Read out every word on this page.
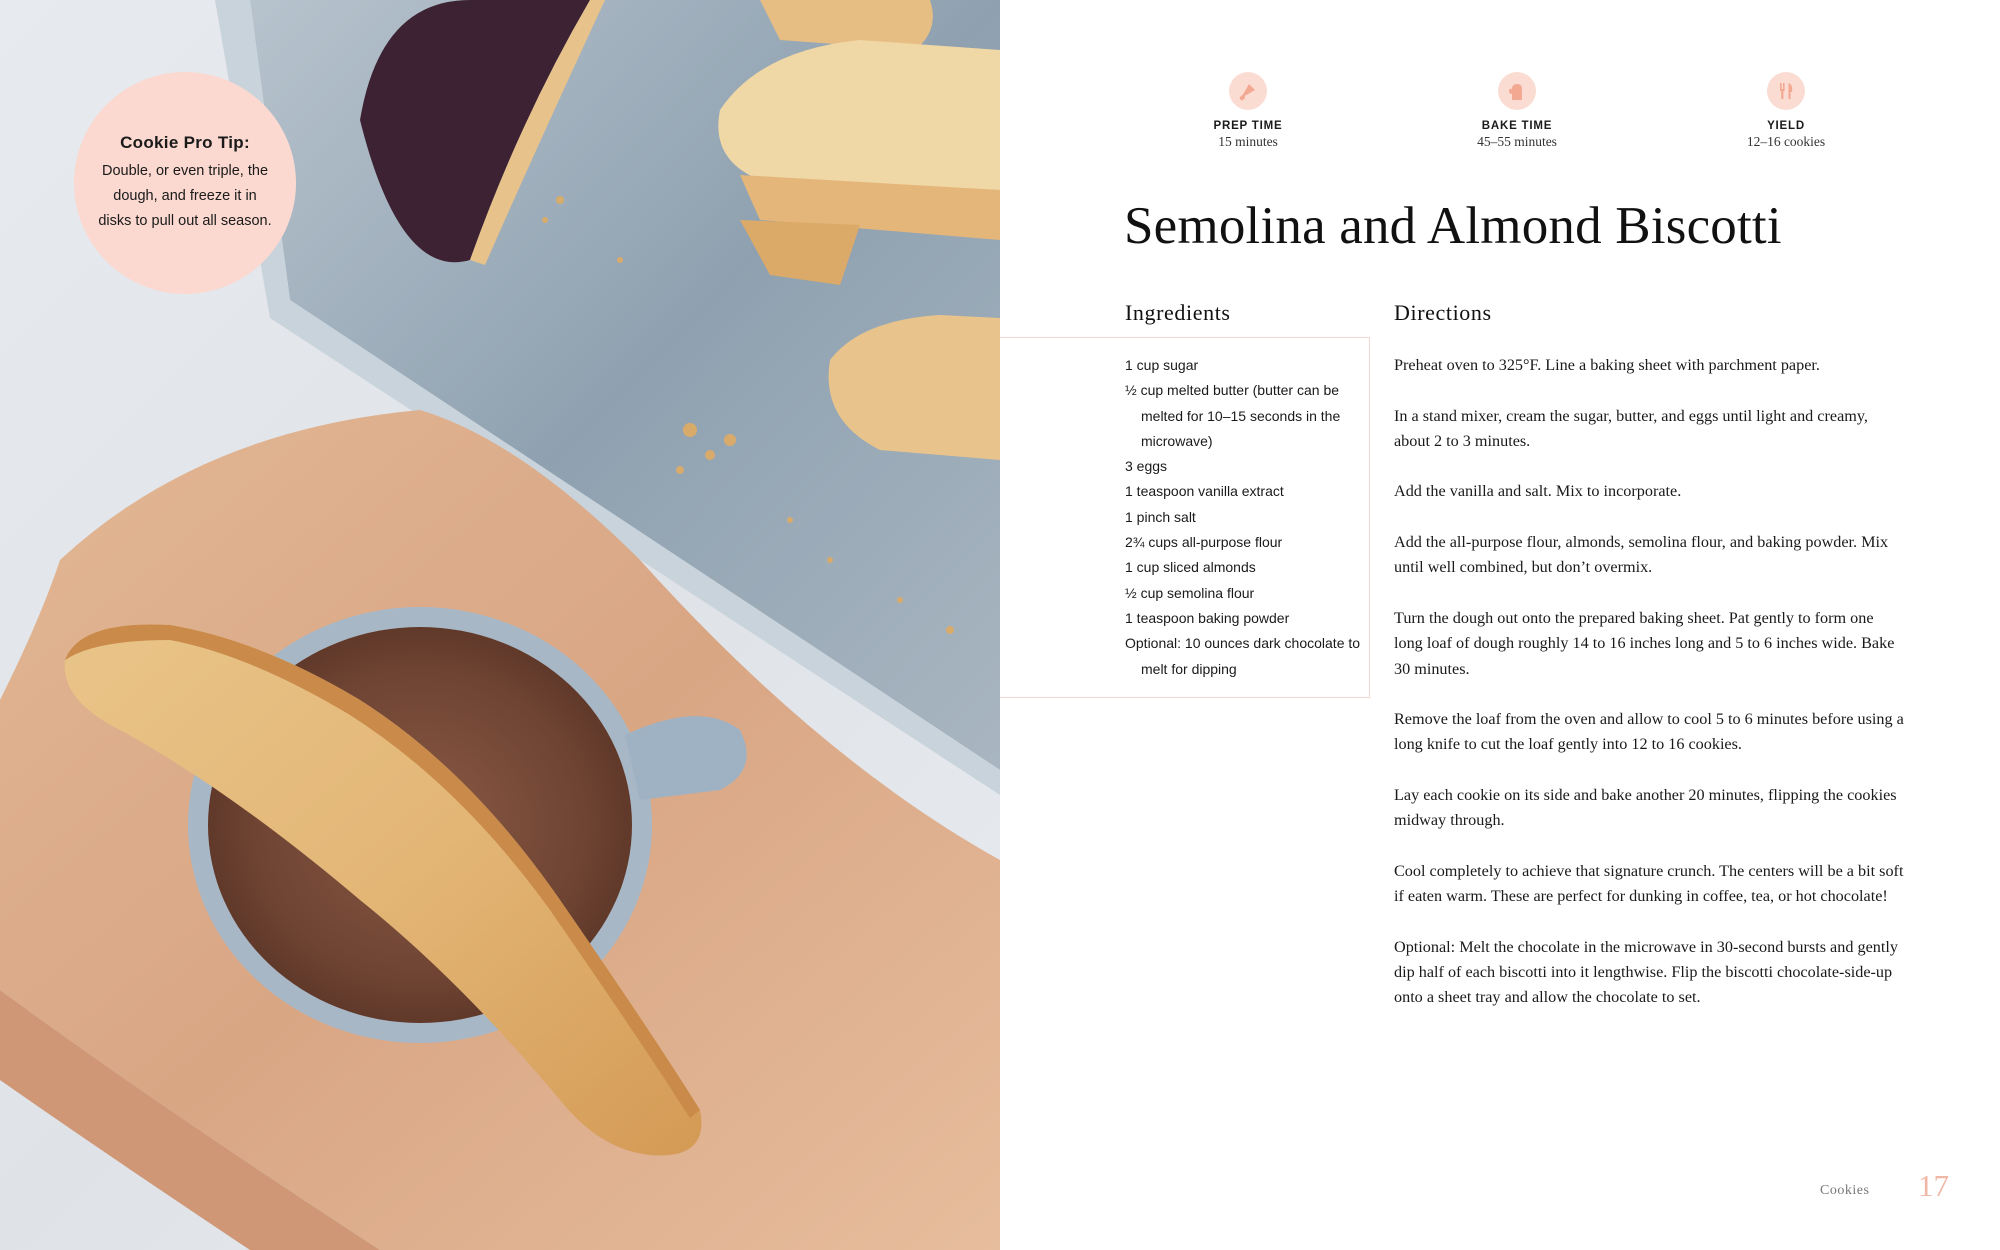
Cookie Pro Tip:
Double, or even triple, the dough, and freeze it in disks to pull out all season.
PREP TIME
15 minutes
BAKE TIME
45–55 minutes
YIELD
12–16 cookies
Semolina and Almond Biscotti
Ingredients	Directions
1 cup sugar
½ cup melted butter (butter can be melted for 10–15 seconds in the microwave)
3 eggs
1 teaspoon vanilla extract
1 pinch salt
2¾ cups all-purpose flour
1 cup sliced almonds
½ cup semolina flour
1 teaspoon baking powder
Optional: 10 ounces dark chocolate to melt for dipping

Preheat oven to 325°F. Line a baking sheet with parchment paper.

In a stand mixer, cream the sugar, butter, and eggs until light and creamy, about 2 to 3 minutes.

Add the vanilla and salt. Mix to incorporate.

Add the all-purpose flour, almonds, semolina flour, and baking powder. Mix until well combined, but don’t overmix.

Turn the dough out onto the prepared baking sheet. Pat gently to form one long loaf of dough roughly 14 to 16 inches long and 5 to 6 inches wide. Bake 30 minutes.

Remove the loaf from the oven and allow to cool 5 to 6 minutes before using a long knife to cut the loaf gently into 12 to 16 cookies.

Lay each cookie on its side and bake another 20 minutes, flipping the cookies midway through.

Cool completely to achieve that signature crunch. The centers will be a bit soft if eaten warm. These are perfect for dunking in coffee, tea, or hot chocolate!

Optional: Melt the chocolate in the microwave in 30-second bursts and gently dip half of each biscotti into it lengthwise. Flip the biscotti chocolate-side-up onto a sheet tray and allow the chocolate to set.

Cookies 17
